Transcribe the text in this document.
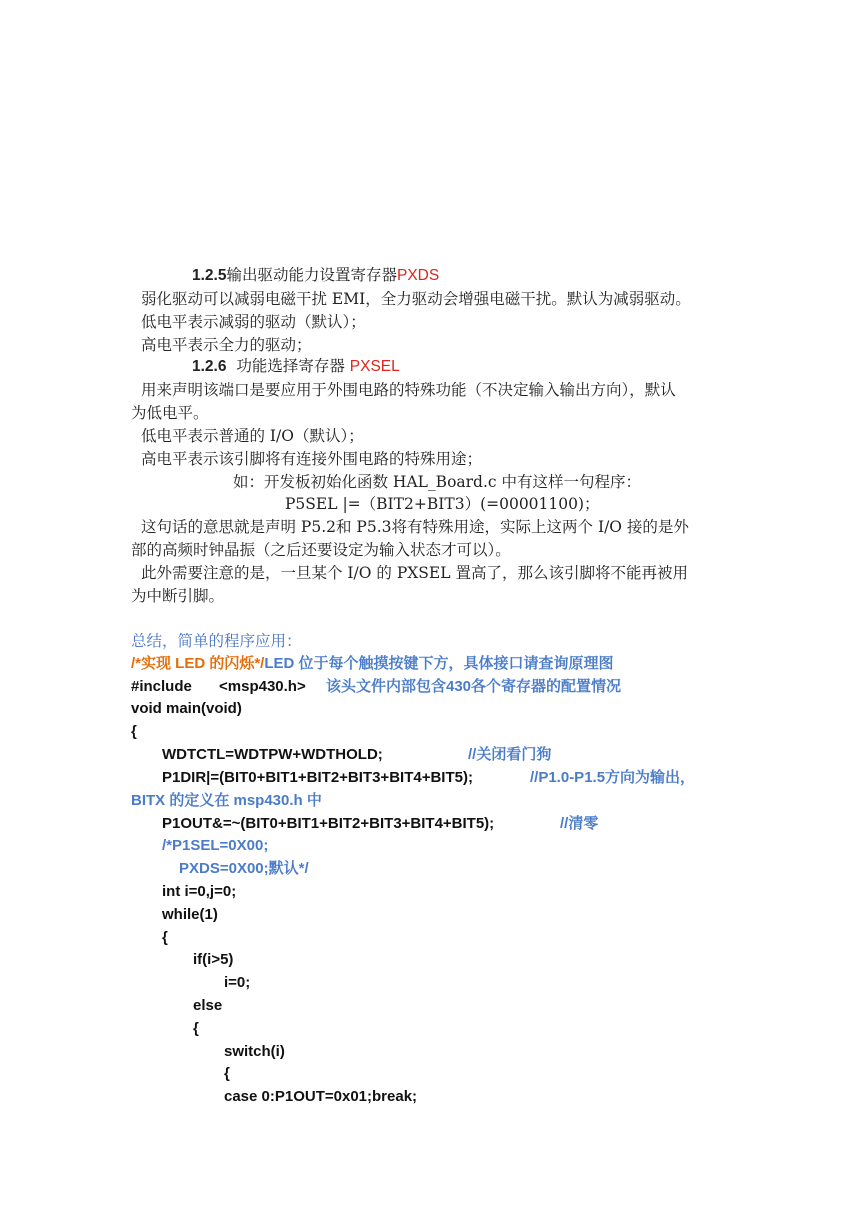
1.2.5输出驱动能力设置寄存器PXDS
弱化驱动可以减弱电磁干扰 EMI，全力驱动会增强电磁干扰。默认为减弱驱动。
低电平表示减弱的驱动（默认）；
高电平表示全力的驱动；
1.2.6 功能选择寄存器 PXSEL
用来声明该端口是要应用于外围电路的特殊功能（不决定输入输出方向），默认
为低电平。
低电平表示普通的 I/O（默认）；
高电平表示该引脚将有连接外围电路的特殊用途；
如：开发板初始化函数 HAL_Board.c 中有这样一句程序：
P5SEL |=（BIT2+BIT3）(=00001100)；
这句话的意思就是声明 P5.2和 P5.3将有特殊用途，实际上这两个 I/O 接的是外
部的高频时钟晶振（之后还要设定为输入状态才可以）。
此外需要注意的是，一旦某个 I/O 的 PXSEL 置高了，那么该引脚将不能再被用
为中断引脚。
总结，简单的程序应用：
/*实现 LED 的闪烁*/LED 位于每个触摸按键下方，具体接口请查询原理图
#include <msp430.h> 该头文件内部包含430各个寄存器的配置情况
void main(void)
{
WDTCTL=WDTPW+WDTHOLD;	//关闭看门狗
P1DIR|=(BIT0+BIT1+BIT2+BIT3+BIT4+BIT5);	//P1.0-P1.5方向为输出，
BITX 的定义在 msp430.h 中
P1OUT&=~(BIT0+BIT1+BIT2+BIT3+BIT4+BIT5);	//清零
/*P1SEL=0X00;
PXDS=0X00;默认*/
int i=0,j=0;
while(1)
{
if(i>5)
i=0;
else
{
switch(i)
{
case 0:P1OUT=0x01;break;
